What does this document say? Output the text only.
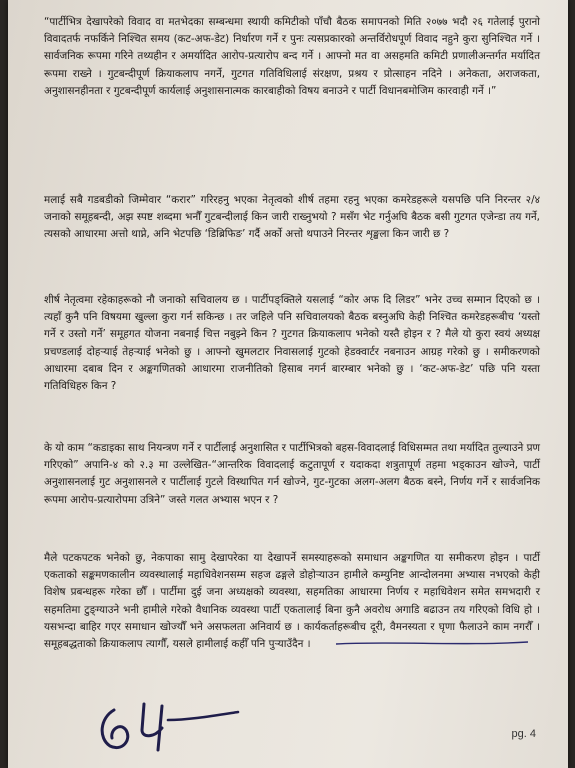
“पार्टीभित्र देखापरेको विवाद वा मतभेदका सम्बन्धमा स्थायी कमिटीको पाँचौ बैठक समापनको मिति २०७७ भदौ २६ गतेलाई पुरानो विवादतर्फ नफर्किने निश्चित समय (कट-अफ-डेट) निर्धारण गर्ने र पुनः त्यसप्रकारको अन्तर्विरोधपूर्ण विवाद नहुने कुरा सुनिश्चित गर्ने । सार्वजनिक रूपमा गरिने तथ्यहीन र अमर्यादित आरोप-प्रत्यारोप बन्द गर्ने । आफ्नो मत वा असहमति कमिटी प्रणालीअन्तर्गत मर्यादित रूपमा राख्ने । गुटबन्दीपूर्ण क्रियाकलाप नगर्ने, गुटगत गतिविधिलाई संरक्षण, प्रश्रय र प्रोत्साहन नदिने । अनेकता, अराजकता, अनुशासनहीनता र गुटबन्दीपूर्ण कार्यलाई अनुशासनात्मक कारबाहीको विषय बनाउने र पार्टी विधानबमोजिम कारवाही गर्ने ।”
मलाई सबै गडबडीको जिम्मेवार “करार” गरिरहनु भएका नेतृत्वको शीर्ष तहमा रहनु भएका कमरेडहरूले यसपछि पनि निरन्तर २/४ जनाको समूहबन्दी, अझ स्पष्ट शब्दमा भनौँ गुटबन्दीलाई किन जारी राख्नुभयो ? मसँग भेट गर्नुअघि बैठक बसी गुटगत एजेन्डा तय गर्ने, त्यसको आधारमा अत्तो थाप्ने, अनि भेटपछि ‘डिब्रिफिङ’ गर्दै अर्को अत्तो थपाउने निरन्तर शृङ्खला किन जारी छ ?
शीर्ष नेतृत्वमा रहेकाहरूको नौ जनाको सचिवालय छ । पार्टीपङ्क्तिले यसलाई “कोर अफ दि लिडर” भनेर उच्च सम्मान दिएको छ । त्यहाँ कुनै पनि विषयमा खुल्ला कुरा गर्न सकिन्छ । तर जहिले पनि सचिवालयको बैठक बस्नुअघि केही निश्चित कमरेडहरूबीच ‘यस्तो गर्ने र उस्तो गर्ने’ समूहगत योजना नबनाई चित्त नबुझ्ने किन ? गुटगत क्रियाकलाप भनेको यस्तै होइन र ? मैले यो कुरा स्वयं अध्यक्ष प्रचण्डलाई दोहऱ्याई तेहऱ्याई भनेको छु । आफ्नो खुमलटार निवासलाई गुटको हेडक्वार्टर नबनाउन आग्रह गरेको छु । समीकरणको आधारमा दबाब दिन र अङ्कगणितको आधारमा राजनीतिको हिसाब नगर्न बारम्बार भनेको छु । ‘कट-अफ-डेट’ पछि पनि यस्ता गतिविधिहरु किन ?
के यो काम “कडाइका साथ नियन्त्रण गर्ने र पार्टीलाई अनुशासित र पार्टीभित्रको बहस-विवादलाई विधिसम्मत तथा मर्यादित तुल्याउने प्रण गरिएको” अपानि-४ को २.३ मा उल्लेखित-“आन्तरिक विवादलाई कटुतापूर्ण र यदाकदा शत्रुतापूर्ण तहमा भड्काउन खोज्ने, पार्टी अनुशासनलाई गुट अनुशासनले र पार्टीलाई गुटले विस्थापित गर्न खोज्ने, गुट-गुटका अलग-अलग बैठक बस्ने, निर्णय गर्ने र सार्वजनिक रूपमा आरोप-प्रत्यारोपमा उत्रिने” जस्ते गलत अभ्यास भएन र ?
मैले पटकपटक भनेको छु, नेकपाका सामु देखापरेका या देखापर्ने समस्याहरूको समाधान अङ्कगणित या समीकरण होइन । पार्टी एकताको सङ्कमणकालीन व्यवस्थालाई महाधिवेशनसम्म सहज ढङ्गले डोहोऱ्याउन हामीले कम्युनिष्ट आन्दोलनमा अभ्यास नभएको केही विशेष प्रबन्धहरू गरेका छौँ । पार्टीमा दुई जना अध्यक्षको व्यवस्था, सहमतिका आधारमा निर्णय र महाधिवेशन समेत समभदारी र सहमतिमा टुङ्ग्याउने भनी हामीले गरेको वैधानिक व्यवस्था पार्टी एकतालाई बिना कुनै अवरोध अगाडि बढाउन तय गरिएको विधि हो । यसभन्दा बाहिर गएर समाधान खोज्यौँ भने असफलता अनिवार्य छ । कार्यकर्ताहरूबीच दूरी, वैमनस्यता र घृणा फैलाउने काम नगरौँ । समूहबद्धताको क्रियाकलाप त्यागौँ, यसले हामीलाई कहीँ पनि पुऱ्याउँदैन ।
pg. 4
